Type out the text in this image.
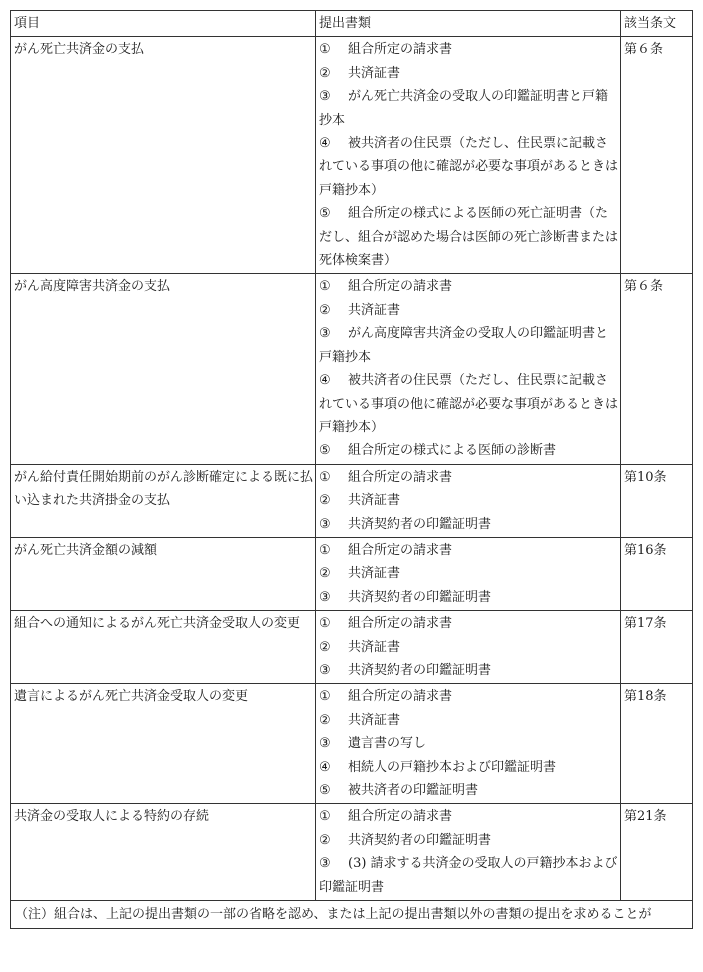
項目	提出書類	該当条文
がん死亡共済金の支払	① 組合所定の請求書
② 共済証書
③ がん死亡共済金の受取人の印鑑証明書と戸籍抄本
④ 被共済者の住民票（ただし、住民票に記載されている事項の他に確認が必要な事項があるときは戸籍抄本）
⑤ 組合所定の様式による医師の死亡証明書（ただし、組合が認めた場合は医師の死亡診断書または死体検案書）	第６条
がん高度障害共済金の支払	① 組合所定の請求書
② 共済証書
③ がん高度障害共済金の受取人の印鑑証明書と戸籍抄本
④ 被共済者の住民票（ただし、住民票に記載されている事項の他に確認が必要な事項があるときは戸籍抄本）
⑤ 組合所定の様式による医師の診断書	第６条
がん給付責任開始期前のがん診断確定による既に払い込まれた共済掛金の支払	① 組合所定の請求書
② 共済証書
③ 共済契約者の印鑑証明書	第10条
がん死亡共済金額の減額	① 組合所定の請求書
② 共済証書
③ 共済契約者の印鑑証明書	第16条
組合への通知によるがん死亡共済金受取人の変更	① 組合所定の請求書
② 共済証書
③ 共済契約者の印鑑証明書	第17条
遺言によるがん死亡共済金受取人の変更	① 組合所定の請求書
② 共済証書
③ 遺言書の写し
④ 相続人の戸籍抄本および印鑑証明書
⑤ 被共済者の印鑑証明書	第18条
共済金の受取人による特約の存続	① 組合所定の請求書
② 共済契約者の印鑑証明書
③ (3) 請求する共済金の受取人の戸籍抄本および印鑑証明書	第21条
（注）組合は、上記の提出書類の一部の省略を認め、または上記の提出書類以外の書類の提出を求めることが		
